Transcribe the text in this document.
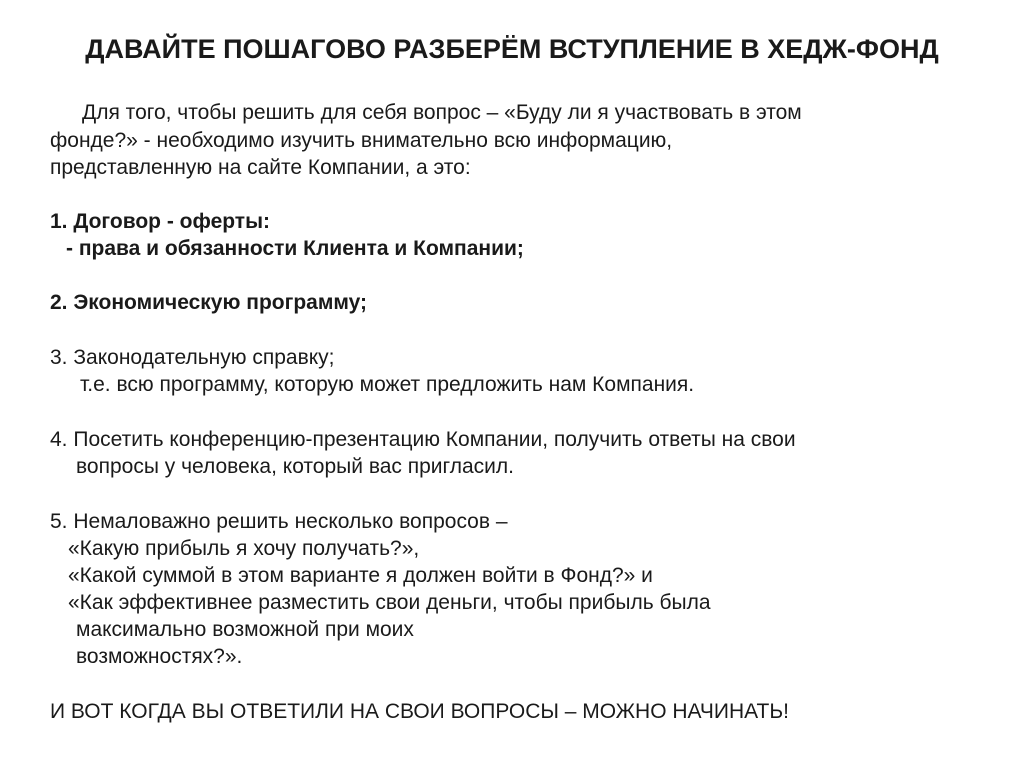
ДАВАЙТЕ ПОШАГОВО РАЗБЕРЁМ ВСТУПЛЕНИЕ В ХЕДЖ-ФОНД
Для того, чтобы решить для себя вопрос – «Буду ли я участвовать в этом
фонде?» - необходимо изучить внимательно всю информацию,
представленную на сайте Компании, а это:
1. Договор - оферты:
- права и обязанности Клиента и Компании;
2. Экономическую программу;
3. Законодательную справку;
т.е. всю программу, которую может предложить нам Компания.
4. Посетить конференцию-презентацию Компании, получить ответы на свои
вопросы у человека, который вас пригласил.
5. Немаловажно решить несколько вопросов –
«Какую прибыль я хочу получать?»,
«Какой суммой в этом варианте я должен войти в Фонд?» и
«Как эффективнее разместить свои деньги, чтобы прибыль была
максимально возможной при моих
возможностях?».
И ВОТ КОГДА ВЫ ОТВЕТИЛИ НА СВОИ ВОПРОСЫ – МОЖНО НАЧИНАТЬ!
